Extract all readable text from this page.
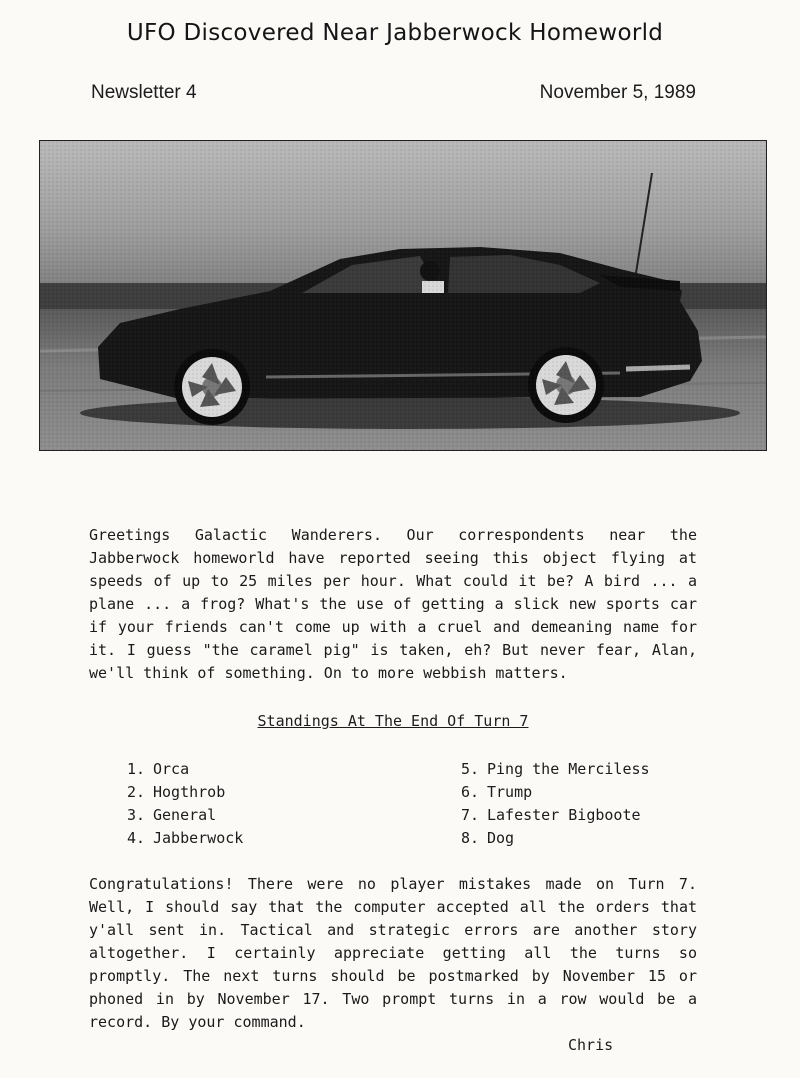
UFO Discovered Near Jabberwock Homeworld
Newsletter 4	November 5, 1989

Greetings Galactic Wanderers. Our correspondents near the Jabberwock homeworld have reported seeing this object flying at speeds of up to 25 miles per hour. What could it be? A bird ... a plane ... a frog? What's the use of getting a slick new sports car if your friends can't come up with a cruel and demeaning name for it. I guess "the caramel pig" is taken, eh? But never fear, Alan, we'll think of something. On to more webbish matters.

Standings At The End Of Turn 7
1. Orca
2. Hogthrob
3. General
4. Jabberwock
5. Ping the Merciless
6. Trump
7. Lafester Bigboote
8. Dog

Congratulations! There were no player mistakes made on Turn 7. Well, I should say that the computer accepted all the orders that y'all sent in. Tactical and strategic errors are another story altogether. I certainly appreciate getting all the turns so promptly. The next turns should be postmarked by November 15 or phoned in by November 17. Two prompt turns in a row would be a record. By your command.

Chris
